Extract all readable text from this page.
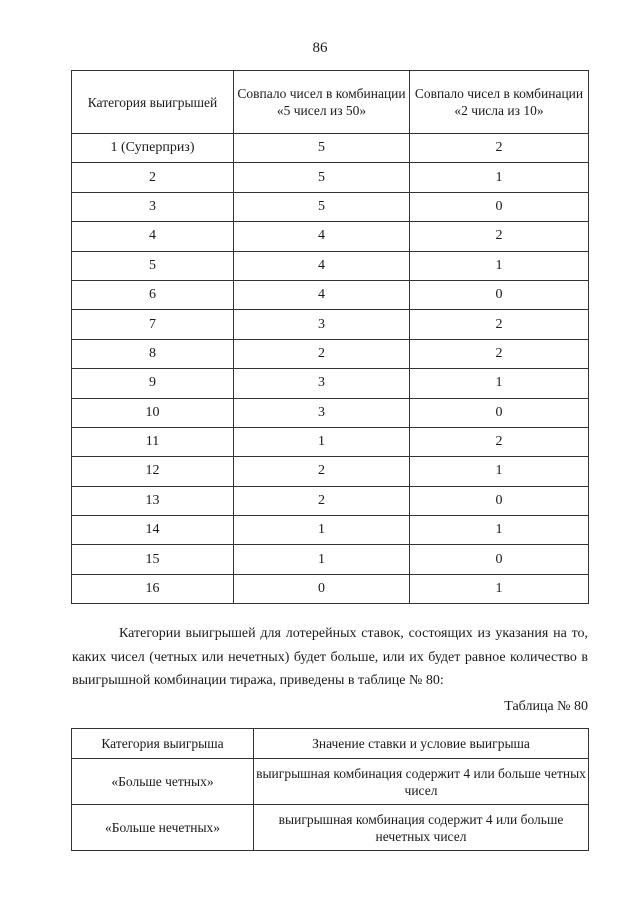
86
Категория выигрышей	Совпало чисел в комбинации «5 чисел из 50»	Совпало чисел в комбинации «2 числа из 10»
1 (Суперприз)	5	2
2	5	1
3	5	0
4	4	2
5	4	1
6	4	0
7	3	2
8	2	2
9	3	1
10	3	0
11	1	2
12	2	1
13	2	0
14	1	1
15	1	0
16	0	1

Категории выигрышей для лотерейных ставок, состоящих из указания на то, каких чисел (четных или нечетных) будет больше, или их будет равное количество в выигрышной комбинации тиража, приведены в таблице № 80:

Таблица № 80
Категория выигрыша	Значение ставки и условие выигрыша
«Больше четных»	выигрышная комбинация содержит 4 или больше четных чисел
«Больше нечетных»	выигрышная комбинация содержит 4 или больше нечетных чисел
